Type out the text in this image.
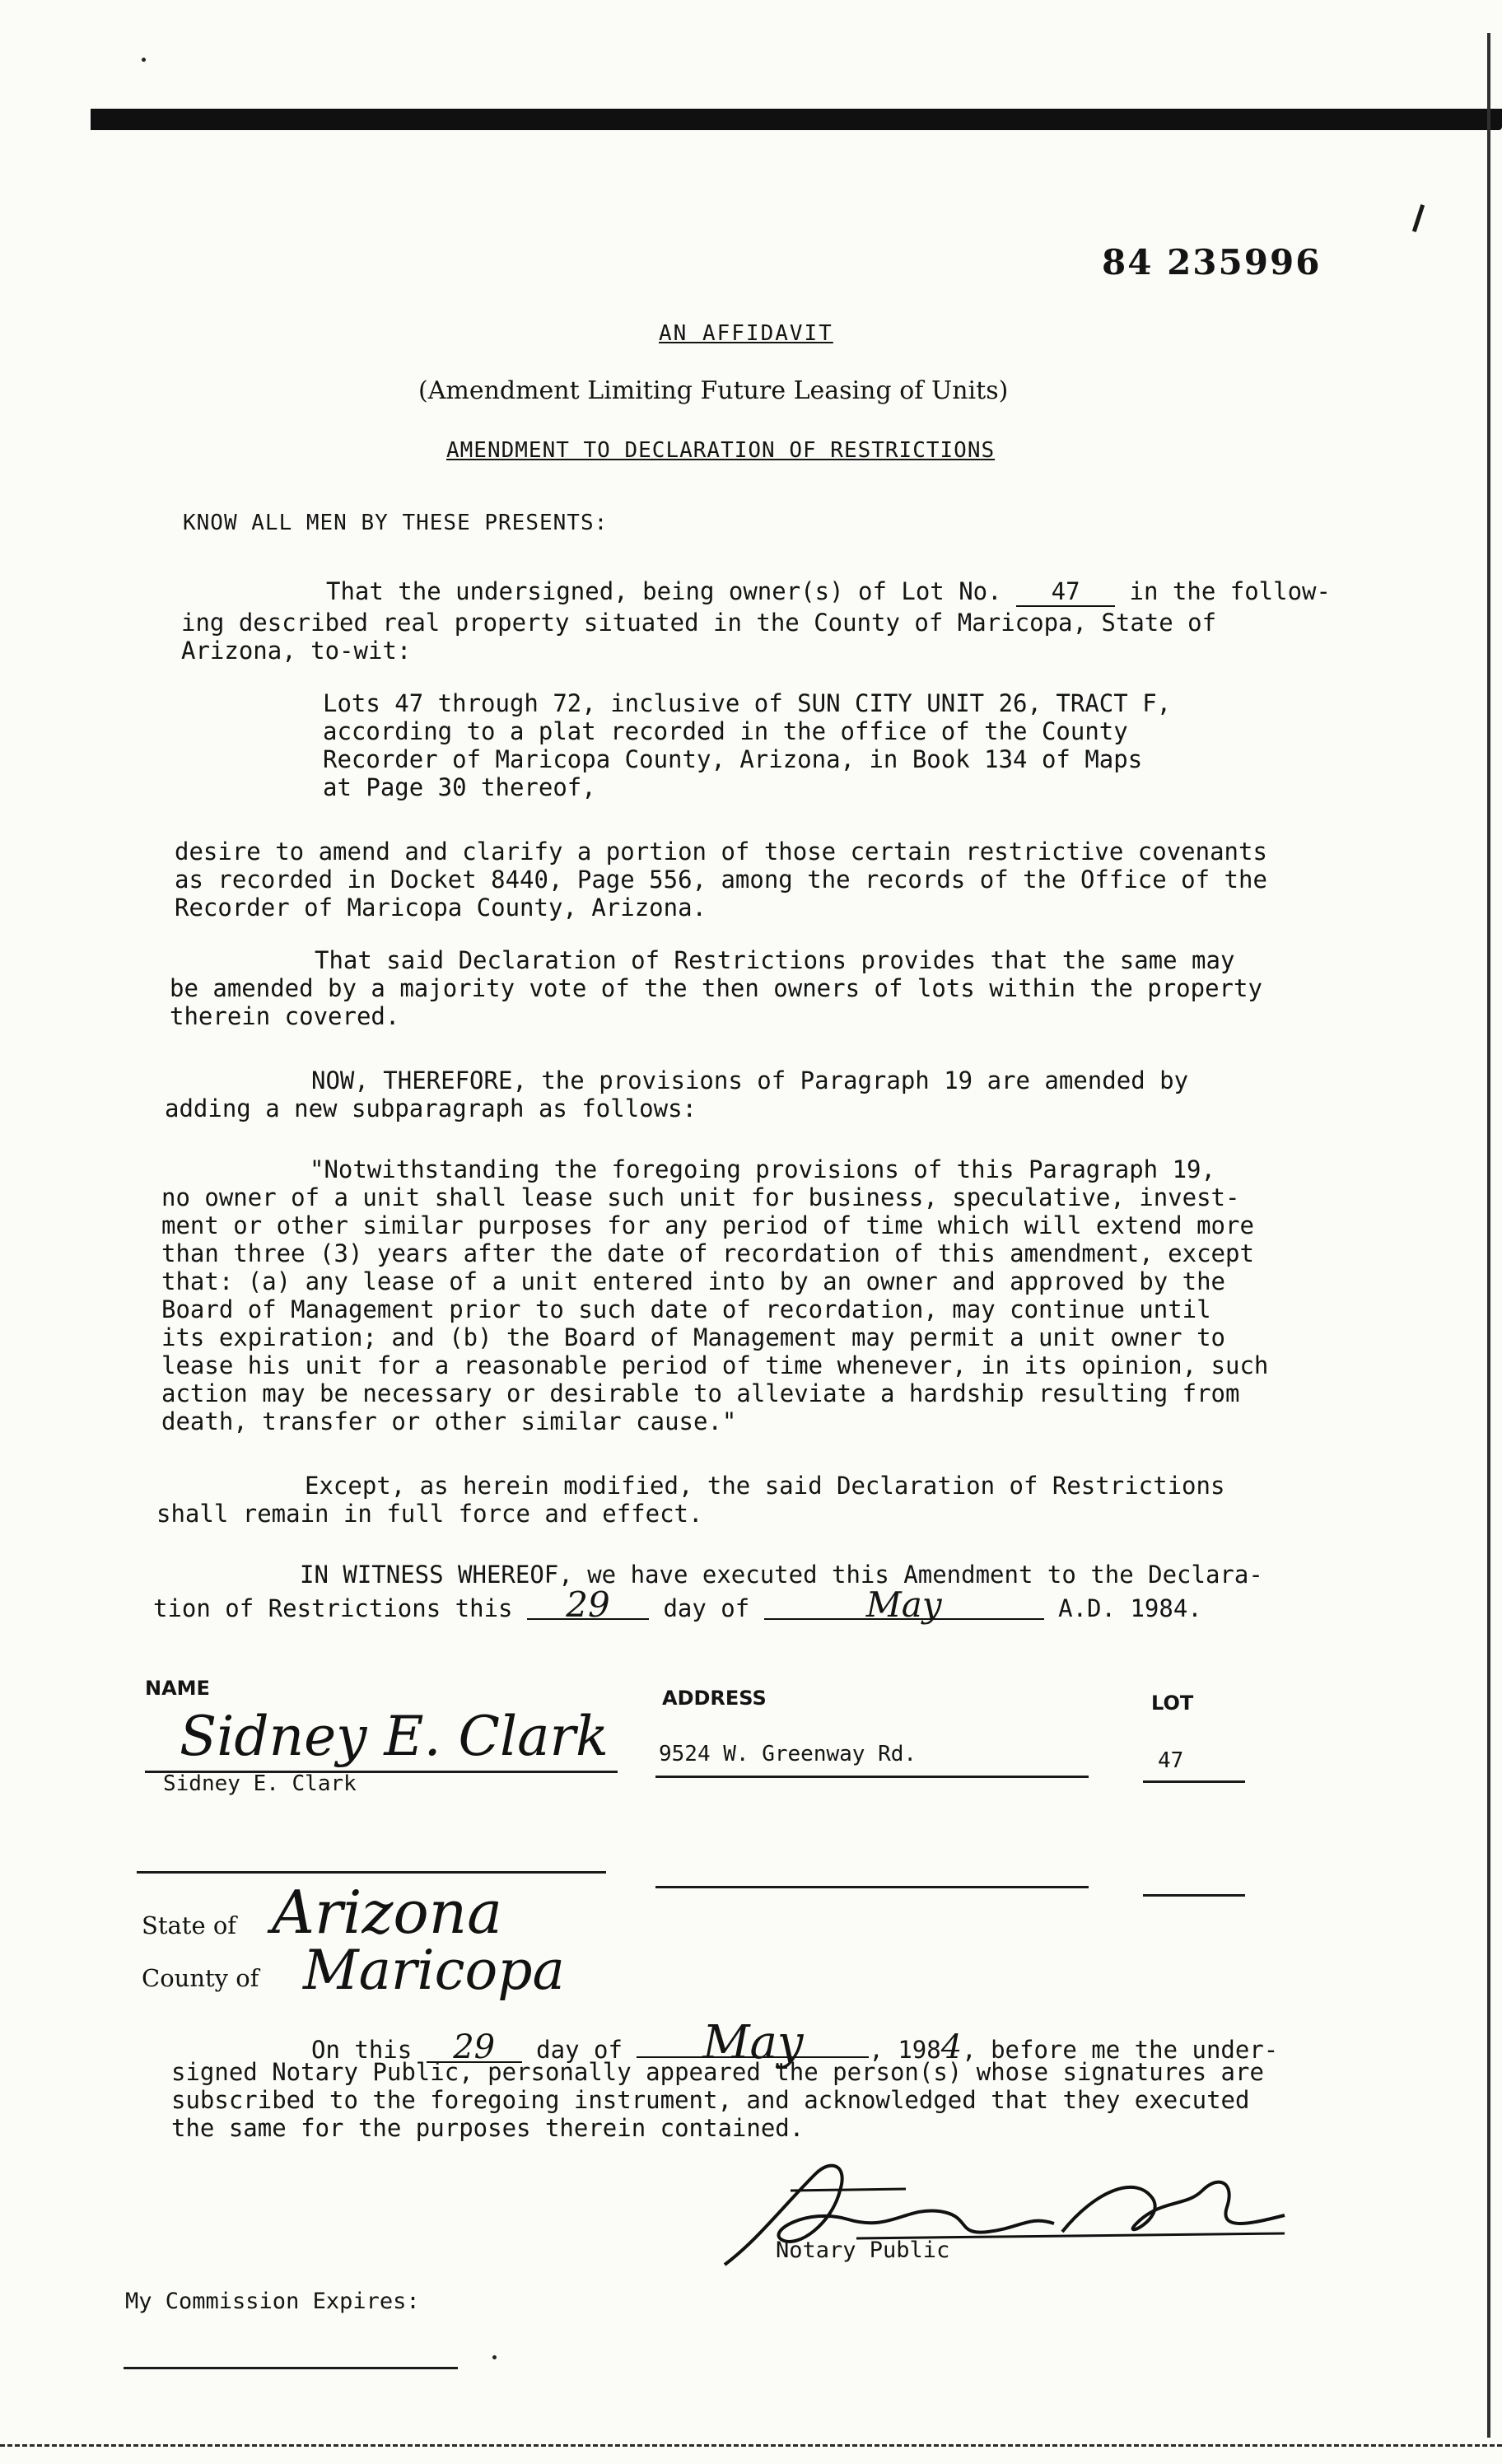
84 235996
AN AFFIDAVIT
(Amendment Limiting Future Leasing of Units)
AMENDMENT TO DECLARATION OF RESTRICTIONS
KNOW ALL MEN BY THESE PRESENTS:
That the undersigned, being owner(s) of Lot No. 47 in the follow-
ing described real property situated in the County of Maricopa, State of
Arizona, to-wit:
Lots 47 through 72, inclusive of SUN CITY UNIT 26, TRACT F,
according to a plat recorded in the office of the County
Recorder of Maricopa County, Arizona, in Book 134 of Maps
at Page 30 thereof,
desire to amend and clarify a portion of those certain restrictive covenants
as recorded in Docket 8440, Page 556, among the records of the Office of the
Recorder of Maricopa County, Arizona.
That said Declaration of Restrictions provides that the same may
be amended by a majority vote of the then owners of lots within the property
therein covered.
NOW, THEREFORE, the provisions of Paragraph 19 are amended by
adding a new subparagraph as follows:
"Notwithstanding the foregoing provisions of this Paragraph 19,
no owner of a unit shall lease such unit for business, speculative, invest-
ment or other similar purposes for any period of time which will extend more
than three (3) years after the date of recordation of this amendment, except
that: (a) any lease of a unit entered into by an owner and approved by the
Board of Management prior to such date of recordation, may continue until
its expiration; and (b) the Board of Management may permit a unit owner to
lease his unit for a reasonable period of time whenever, in its opinion, such
action may be necessary or desirable to alleviate a hardship resulting from
death, transfer or other similar cause."
Except, as herein modified, the said Declaration of Restrictions
shall remain in full force and effect.
IN WITNESS WHEREOF, we have executed this Amendment to the Declara-
tion of Restrictions this 29 day of	May	A.D. 1984.
NAME	ADDRESS	LOT
Sidney E. Clark 9524 W. Greenway Rd.	47
Sidney E. Clark
State of Arizona
County of Maricopa
On this 29 day of May	, 1984, before me the under-
signed Notary Public, personally appeared the person(s) whose signatures are
subscribed to the foregoing instrument, and acknowledged that they executed
the same for the purposes therein contained.
Notary Public
My Commission Expires:
